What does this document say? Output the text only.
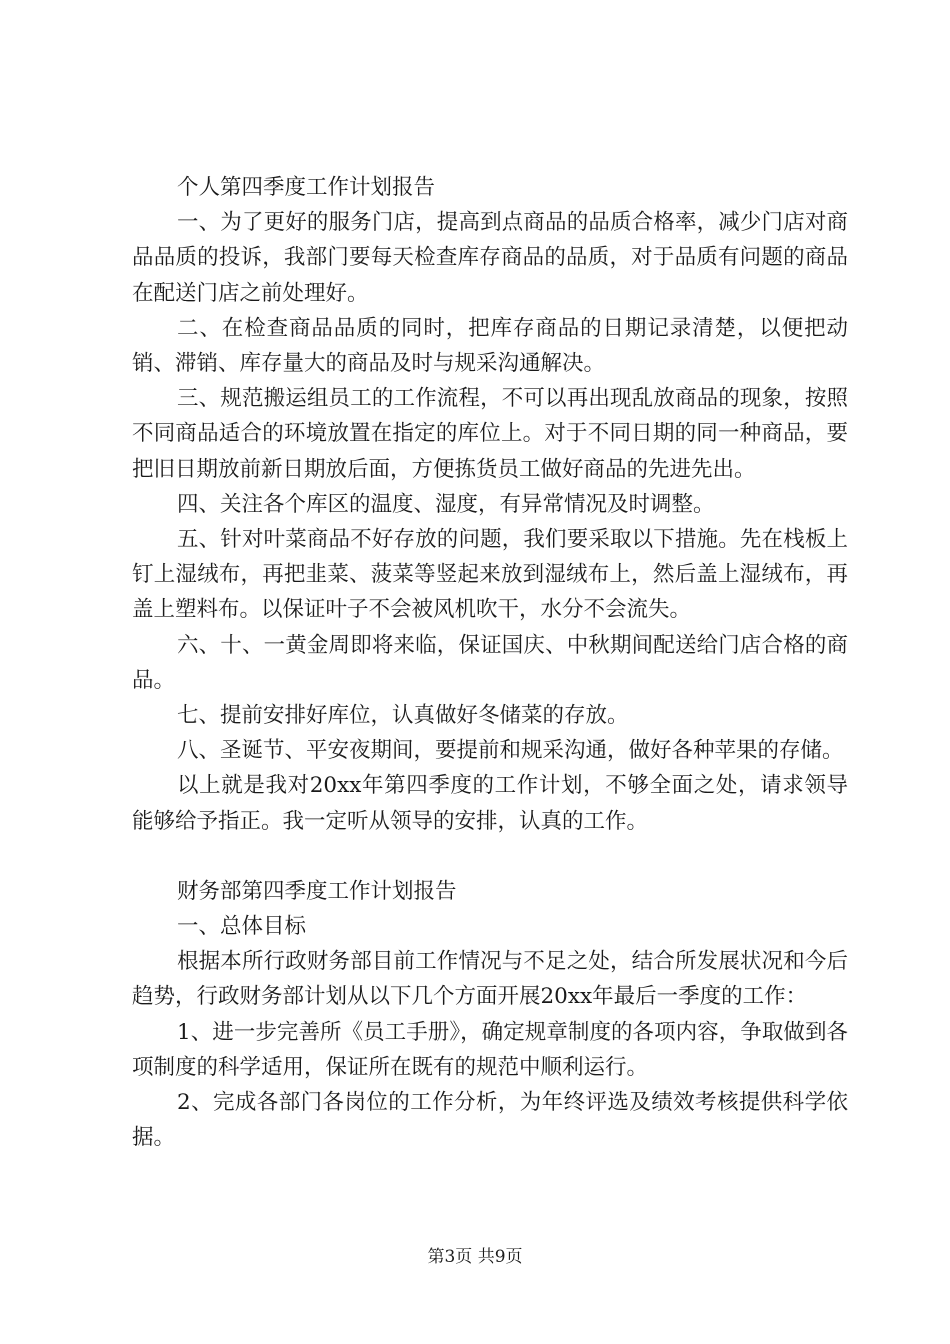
个人第四季度工作计划报告

一、为了更好的服务门店，提高到点商品的品质合格率，减少门店对商品品质的投诉，我部门要每天检查库存商品的品质，对于品质有问题的商品在配送门店之前处理好。

二、在检查商品品质的同时，把库存商品的日期记录清楚，以便把动销、滞销、库存量大的商品及时与规采沟通解决。

三、规范搬运组员工的工作流程，不可以再出现乱放商品的现象，按照不同商品适合的环境放置在指定的库位上。对于不同日期的同一种商品，要把旧日期放前新日期放后面，方便拣货员工做好商品的先进先出。

四、关注各个库区的温度、湿度，有异常情况及时调整。

五、针对叶菜商品不好存放的问题，我们要采取以下措施。先在栈板上钉上湿绒布，再把韭菜、菠菜等竖起来放到湿绒布上，然后盖上湿绒布，再盖上塑料布。以保证叶子不会被风机吹干，水分不会流失。

六、十、一黄金周即将来临，保证国庆、中秋期间配送给门店合格的商品。

七、提前安排好库位，认真做好冬储菜的存放。

八、圣诞节、平安夜期间，要提前和规采沟通，做好各种苹果的存储。

以上就是我对20xx年第四季度的工作计划，不够全面之处，请求领导能够给予指正。我一定听从领导的安排，认真的工作。

财务部第四季度工作计划报告

一、总体目标

根据本所行政财务部目前工作情况与不足之处，结合所发展状况和今后趋势，行政财务部计划从以下几个方面开展20xx年最后一季度的工作：

1、进一步完善所《员工手册》，确定规章制度的各项内容，争取做到各项制度的科学适用，保证所在既有的规范中顺利运行。

2、完成各部门各岗位的工作分析，为年终评选及绩效考核提供科学依据。

第3页 共9页
